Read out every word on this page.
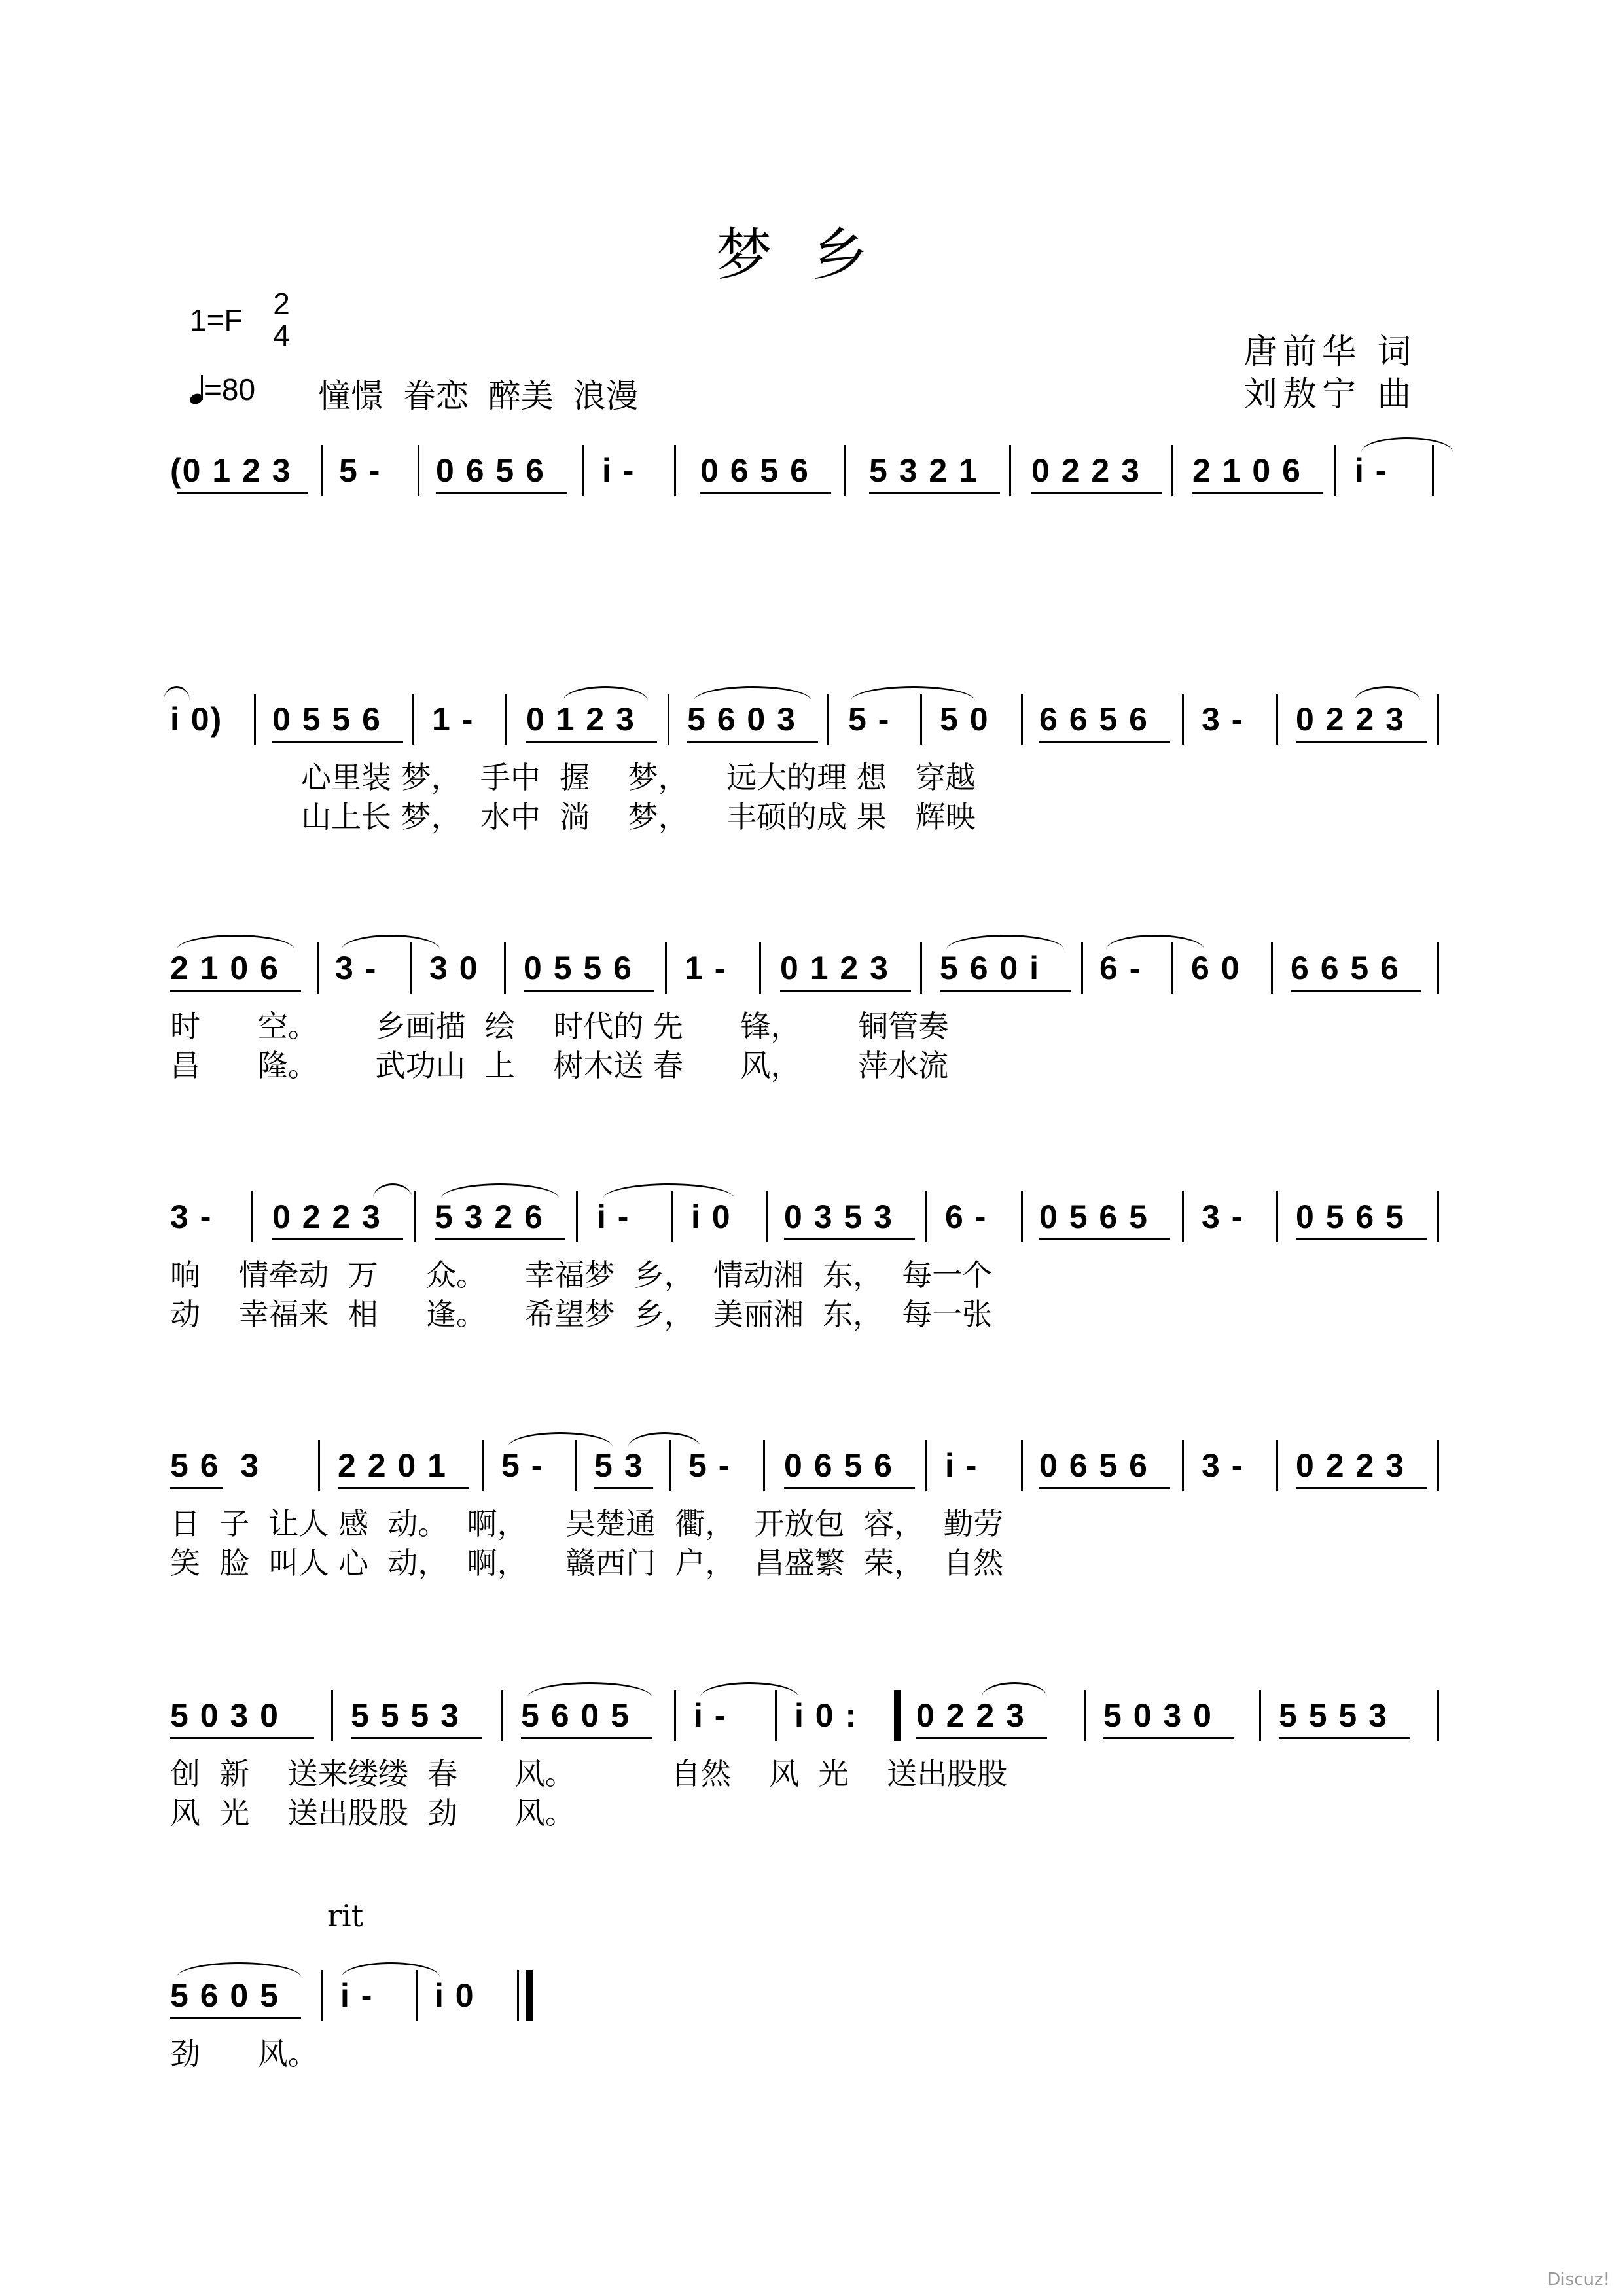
梦乡
1=F 2
4
=80 憧憬 眷恋 醉美 浪漫
唐前华 词
刘敖宁 曲
(0 1 2 3 5 - 0 6 5 6 i - 0 6 5 6 5 3 2 1 0 2 2 3 2 1 0 6 i -
i 0) 0 5 5 6 1 - 0 1 2 3 5 6 0 3 5 - 5 0 6 6 5 6 3 - 0 2 2 3
心里装 梦，  手中  握    梦，    远大的理 想   穿越
山上长 梦，  水中  淌    梦，    丰硕的成 果   辉映
2 1 0 6 3 - 3 0 0 5 5 6 1 - 0 1 2 3 5 6 0 i 6 - 6 0 6 6 5 6
时      空。      乡画描  绘    时代的 先      锋，      铜管奏
昌      隆。      武功山  上    树木送 春      风，      萍水流
3 - 0 2 2 3 5 3 2 6 i - i 0 0 3 5 3 6 - 0 5 6 5 3 - 0 5 6 5
响    情牵动  万     众。    幸福梦  乡，  情动湘  东，  每一个
动    幸福来  相     逢。    希望梦  乡，  美丽湘  东，  每一张
5 6  3 2 2 0 1 5 - 5 3 5 - 0 6 5 6 i - 0 6 5 6 3 - 0 2 2 3
日  子  让人 感  动。  啊，    吴楚通  衢，  开放包  容，  勤劳
笑  脸  叫人 心  动，  啊，    赣西门  户，  昌盛繁  荣，  自然
5 0 3 0 5 5 5 3 5 6 0 5 i - i 0 : 0 2 2 3 5 0 3 0 5 5 5 3
创  新    送来缕缕  春      风。          自然    风  光    送出股股
风  光    送出股股  劲      风。
rit
5 6 0 5 i - i 0
劲      风。
Discuz!
